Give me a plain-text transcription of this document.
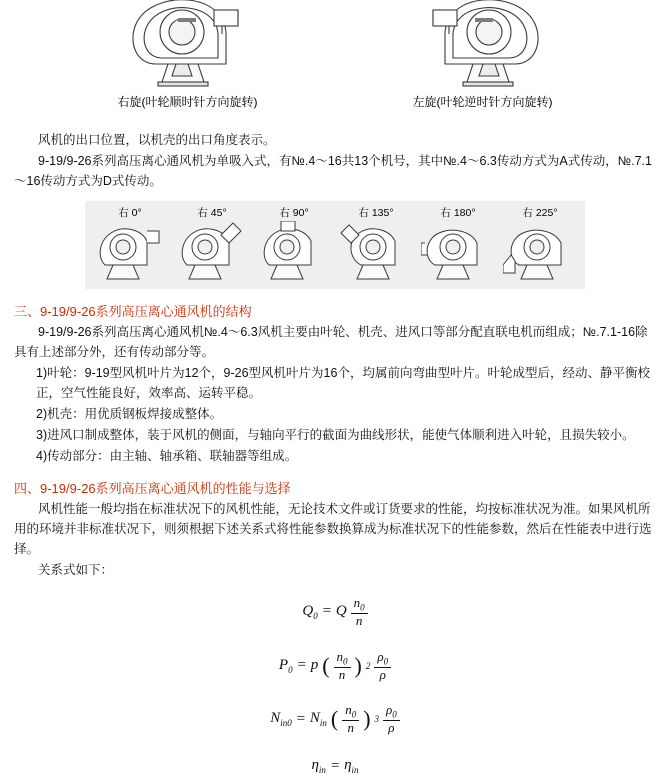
右旋(叶轮顺时针方向旋转)	左旋(叶轮逆时针方向旋转)

风机的出口位置，以机壳的出口角度表示。

9-19/9-26系列高压离心通风机为单吸入式，有№.4～16共13个机号，其中№.4～6.3传动方式为A式传动，№.7.1～16传动方式为D式传动。

右 0°	右 45°	右 90°	右 135°	右 180°	右 225°
三、9-19/9-26系列高压离心通风机的结构

9-19/9-26系列高压离心通风机№.4～6.3风机主要由叶轮、机壳、进风口等部分配直联电机而组成；№.7.1-16除具有上述部分外，还有传动部分等。

1)叶轮：9-19型风机叶片为12个，9-26型风机叶片为16个，均属前向弯曲型叶片。叶轮成型后，经动、静平衡校正，空气性能良好，效率高、运转平稳。

2)机壳：用优质钢板焊接成整体。

3)进风口制成整体，装于风机的侧面，与轴向平行的截面为曲线形状，能使气体顺利进入叶轮，且损失较小。

4)传动部分：由主轴、轴承箱、联轴器等组成。

四、9-19/9-26系列高压离心通风机的性能与选择

风机性能一般均指在标准状况下的风机性能，无论技术文件或订货要求的性能，均按标准状况为准。如果风机所用的环境并非标准状况下，则须根据下述关系式将性能参数换算成为标准状况下的性能参数，然后在性能表中进行选择。

关系式如下：

$Q_0 = Q \frac{n_0}{n}$
$P_0 = p$ ( $\frac{n_0}{n}$ ) $2 \frac{\rho_0}{\rho}$
$N_{in0} = N_{in}$ ( $\frac{n_0}{n}$ ) $3 \frac{\rho_0}{\rho}$
$\eta_{in} = \eta_{in}$
